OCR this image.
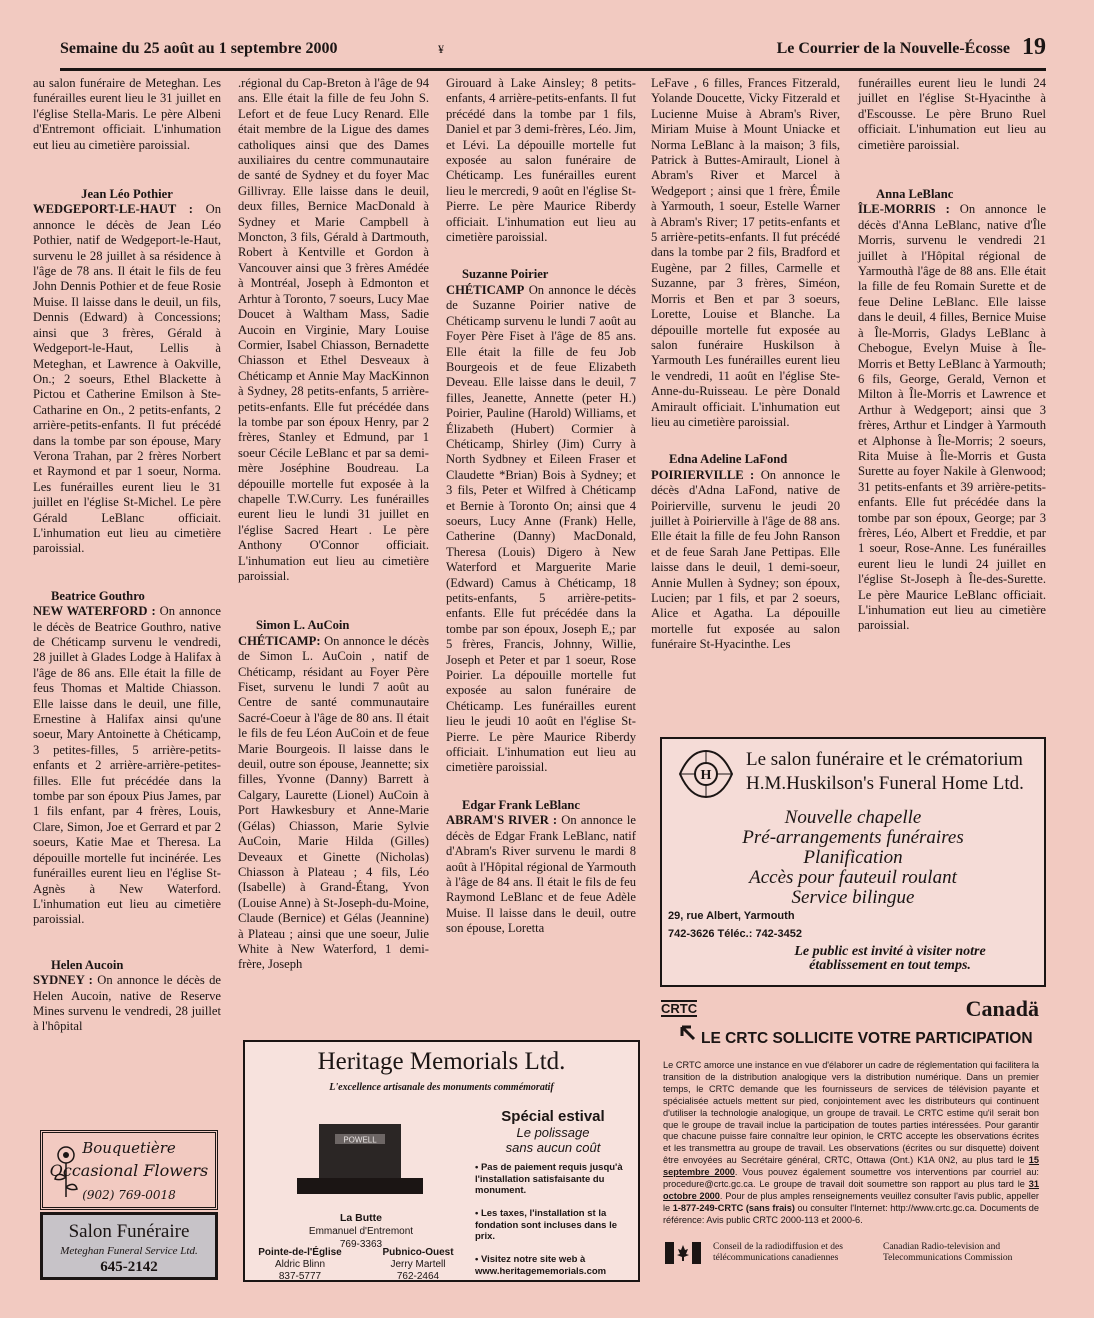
Semaine du 25 août au 1 septembre 2000	¥	Le Courrier de la Nouvelle-Écosse 19

au salon funéraire de Meteghan. Les funérailles eurent lieu le 31 juillet en l'église Stella-Maris. Le père Albeni d'Entremont officiait. L'inhumation eut lieu au cimetière paroissial.

Jean Léo Pothier

WEDGEPORT-LE-HAUT : On annonce le décès de Jean Léo Pothier, natif de Wedgeport-le-Haut, survenu le 28 juillet à sa résidence à l'âge de 78 ans. Il était le fils de feu John Dennis Pothier et de feue Rosie Muise. Il laisse dans le deuil, un fils, Dennis (Edward) à Concessions; ainsi que 3 frères, Gérald à Wedgeport-le-Haut, Lellis à Meteghan, et Lawrence à Oakville, On.; 2 soeurs, Ethel Blackette à Pictou et Catherine Emilson à Ste-Catharine en On., 2 petits-enfants, 2 arrière-petits-enfants. Il fut précédé dans la tombe par son épouse, Mary Verona Trahan, par 2 frères Norbert et Raymond et par 1 soeur, Norma. Les funérailles eurent lieu le 31 juillet en l'église St-Michel. Le père Gérald LeBlanc officiait. L'inhumation eut lieu au cimetière paroissial.

Beatrice Gouthro

NEW WATERFORD : On annonce le décès de Beatrice Gouthro, native de Chéticamp survenu le vendredi, 28 juillet à Glades Lodge à Halifax à l'âge de 86 ans. Elle était la fille de feus Thomas et Maltide Chiasson. Elle laisse dans le deuil, une fille, Ernestine à Halifax ainsi qu'une soeur, Mary Antoinette à Chéticamp, 3 petites-filles, 5 arrière-petits-enfants et 2 arrière-arrière-petites-filles. Elle fut précédée dans la tombe par son époux Pius James, par 1 fils enfant, par 4 frères, Louis, Clare, Simon, Joe et Gerrard et par 2 soeurs, Katie Mae et Theresa. La dépouille mortelle fut incinérée. Les funérailles eurent lieu en l'église St-Agnès à New Waterford. L'inhumation eut lieu au cimetière paroissial.

Helen Aucoin

SYDNEY : On annonce le décès de Helen Aucoin, native de Reserve Mines survenu le vendredi, 28 juillet à l'hôpital

.régional du Cap-Breton à l'âge de 94 ans. Elle était la fille de feu John S. Lefort et de feue Lucy Renard. Elle était membre de la Ligue des dames catholiques ainsi que des Dames auxiliaires du centre communautaire de santé de Sydney et du foyer Mac Gillivray. Elle laisse dans le deuil, deux filles, Bernice MacDonald à Sydney et Marie Campbell à Moncton, 3 fils, Gérald à Dartmouth, Robert à Kentville et Gordon à Vancouver ainsi que 3 frères Amédée à Montréal, Joseph à Edmonton et Arhtur à Toronto, 7 soeurs, Lucy Mae Doucet à Waltham Mass, Sadie Aucoin en Virginie, Mary Louise Cormier, Isabel Chiasson, Bernadette Chiasson et Ethel Desveaux à Chéticamp et Annie May MacKinnon à Sydney, 28 petits-enfants, 5 arrière-petits-enfants. Elle fut précédée dans la tombe par son époux Henry, par 2 frères, Stanley et Edmund, par 1 soeur Cécile LeBlanc et par sa demi-mère Joséphine Boudreau. La dépouille mortelle fut exposée à la chapelle T.W.Curry. Les funérailles eurent lieu le lundi 31 juillet en l'église Sacred Heart . Le père Anthony O'Connor officiait. L'inhumation eut lieu au cimetière paroissial.

Simon L. AuCoin

CHÉTICAMP: On annonce le décès de Simon L. AuCoin , natif de Chéticamp, résidant au Foyer Père Fiset, survenu le lundi 7 août au Centre de santé communautaire Sacré-Coeur à l'âge de 80 ans. Il était le fils de feu Léon AuCoin et de feue Marie Bourgeois. Il laisse dans le deuil, outre son épouse, Jeannette; six filles, Yvonne (Danny) Barrett à Calgary, Laurette (Lionel) AuCoin à Port Hawkesbury et Anne-Marie (Gélas) Chiasson, Marie Sylvie AuCoin, Marie Hilda (Gilles) Deveaux et Ginette (Nicholas) Chiasson à Plateau ; 4 fils, Léo (Isabelle) à Grand-Étang, Yvon (Louise Anne) à St-Joseph-du-Moine, Claude (Bernice) et Gélas (Jeannine) à Plateau ; ainsi que une soeur, Julie White à New Waterford, 1 demi-frère, Joseph

Girouard à Lake Ainsley; 8 petits-enfants, 4 arrière-petits-enfants. Il fut précédé dans la tombe par 1 fils, Daniel et par 3 demi-frères, Léo. Jim, et Lévi. La dépouille mortelle fut exposée au salon funéraire de Chéticamp. Les funérailles eurent lieu le mercredi, 9 août en l'église St-Pierre. Le père Maurice Riberdy officiait. L'inhumation eut lieu au cimetière paroissial.

Suzanne Poirier

CHÉTICAMP On annonce le décès de Suzanne Poirier native de Chéticamp survenu le lundi 7 août au Foyer Père Fiset à l'âge de 85 ans. Elle était la fille de feu Job Bourgeois et de feue Elizabeth Deveau. Elle laisse dans le deuil, 7 filles, Jeanette, Annette (peter H.) Poirier, Pauline (Harold) Williams, et Élizabeth (Hubert) Cormier à Chéticamp, Shirley (Jim) Curry à North Sydbney et Eileen Fraser et Claudette *Brian) Bois à Sydney; et 3 fils, Peter et Wilfred à Chéticamp et Bernie à Toronto On; ainsi que 4 soeurs, Lucy Anne (Frank) Helle, Catherine (Danny) MacDonald, Theresa (Louis) Digero à New Waterford et Marguerite Marie (Edward) Camus à Chéticamp, 18 petits-enfants, 5 arrière-petits-enfants. Elle fut précédée dans la tombe par son époux, Joseph E,; par 5 frères, Francis, Johnny, Willie, Joseph et Peter et par 1 soeur, Rose Poirier. La dépouille mortelle fut exposée au salon funéraire de Chéticamp. Les funérailles eurent lieu le jeudi 10 août en l'église St-Pierre. Le père Maurice Riberdy officiait. L'inhumation eut lieu au cimetière paroissial.

Edgar Frank LeBlanc

ABRAM'S RIVER : On annonce le décès de Edgar Frank LeBlanc, natif d'Abram's River survenu le mardi 8 août à l'Hôpital régional de Yarmouth à l'âge de 84 ans. Il était le fils de feu Raymond LeBlanc et de feue Adèle Muise. Il laisse dans le deuil, outre son épouse, Loretta

LeFave , 6 filles, Frances Fitzerald, Yolande Doucette, Vicky Fitzerald et Lucienne Muise à Abram's River, Miriam Muise à Mount Uniacke et Norma LeBlanc à la maison; 3 fils, Patrick à Buttes-Amirault, Lionel à Abram's River et Marcel à Wedgeport ; ainsi que 1 frère, Émile à Yarmouth, 1 soeur, Estelle Warner à Abram's River; 17 petits-enfants et 5 arrière-petits-enfants. Il fut précédé dans la tombe par 2 fils, Bradford et Eugène, par 2 filles, Carmelle et Suzanne, par 3 frères, Siméon, Morris et Ben et par 3 soeurs, Lorette, Louise et Blanche. La dépouille mortelle fut exposée au salon funéraire Huskilson à Yarmouth Les funérailles eurent lieu le vendredi, 11 août en l'église Ste-Anne-du-Ruisseau. Le père Donald Amirault officiait. L'inhumation eut lieu au cimetière paroissial.

Edna Adeline LaFond

POIRIERVILLE : On annonce le décès d'Adna LaFond, native de Poirierville, survenu le jeudi 20 juillet à Poirierville à l'âge de 88 ans. Elle était la fille de feu John Ranson et de feue Sarah Jane Pettipas. Elle laisse dans le deuil, 1 demi-soeur, Annie Mullen à Sydney; son époux, Lucien; par 1 fils, et par 2 soeurs, Alice et Agatha. La dépouille mortelle fut exposée au salon funéraire St-Hyacinthe. Les

funérailles eurent lieu le lundi 24 juillet en l'église St-Hyacinthe à d'Escousse. Le père Bruno Ruel officiait. L'inhumation eut lieu au cimetière paroissial.

Anna LeBlanc

ÎLE-MORRIS : On annonce le décès d'Anna LeBlanc, native d'Île Morris, survenu le vendredi 21 juillet à l'Hôpital régional de Yarmouthà l'âge de 88 ans. Elle était la fille de feu Romain Surette et de feue Deline LeBlanc. Elle laisse dans le deuil, 4 filles, Bernice Muise à Île-Morris, Gladys LeBlanc à Chebogue, Evelyn Muise à Île-Morris et Betty LeBlanc à Yarmouth; 6 fils, George, Gerald, Vernon et Milton à Île-Morris et Lawrence et Arthur à Wedgeport; ainsi que 3 frères, Arthur et Lindger à Yarmouth et Alphonse à Île-Morris; 2 soeurs, Rita Muise à Île-Morris et Gusta Surette au foyer Nakile à Glenwood; 31 petits-enfants et 39 arrière-petits-enfants. Elle fut précédée dans la tombe par son époux, George; par 3 frères, Léo, Albert et Freddie, et par 1 soeur, Rose-Anne. Les funérailles eurent lieu le lundi 24 juillet en l'église St-Joseph à Île-des-Surette. Le père Maurice LeBlanc officiait. L'inhumation eut lieu au cimetière paroissial.

Bouquetière
Occasional Flowers
(902) 769-0018
Salon Funéraire
Meteghan Funeral Service Ltd.
645-2142
Heritage Memorials Ltd.
L'excellence artisanale des monuments commémoratif
POWELL
La Butte
Emmanuel d'Entremont
769-3363
Pointe-de-l'Église
Aldric Blinn
837-5777
Pubnico-Ouest
Jerry Martell
762-2464
Spécial estival
Le polissage
sans aucun coût
• Pas de paiement requis jusqu'à l'installation satisfaisante du monument.
• Les taxes, l'installation st la fondation sont incluses dans le prix.
• Visitez notre site web à www.heritagememorials.com
H
Le salon funéraire et le crématorium
H.M.Huskilson's Funeral Home Ltd.
Nouvelle chapelle
Pré-arrangements funéraires
Planification
Accès pour fauteuil roulant
Service bilingue
29, rue Albert, Yarmouth
742-3626 Téléc.: 742-3452
Le public est invité à visiter notre
établissement en tout temps.
CRTC	Canadä
LE CRTC SOLLICITE VOTRE PARTICIPATION
Le CRTC amorce une instance en vue d'élaborer un cadre de réglementation qui facilitera la transition de la distribution analogique vers la distribution numérique. Dans un premier temps, le CRTC demande que les fournisseurs de services de télévision payante et spécialisée actuels mettent sur pied, conjointement avec les distributeurs qui continuent d'utiliser la technologie analogique, un groupe de travail. Le CRTC estime qu'il serait bon que le groupe de travail inclue la participation de toutes parties intéressées. Pour garantir que chacune puisse faire connaître leur opinion, le CRTC accepte les observations écrites et les transmettra au groupe de travail. Les observations (écrites ou sur disquette) doivent être envoyées au Secrétaire général, CRTC, Ottawa (Ont.) K1A 0N2, au plus tard le 15 septembre 2000. Vous pouvez également soumettre vos interventions par courriel au: procedure@crtc.gc.ca. Le groupe de travail doit soumettre son rapport au plus tard le 31 octobre 2000. Pour de plus amples renseignements veuillez consulter l'avis public, appeller le 1-877-249-CRTC (sans frais) ou consulter l'Internet: http://www.crtc.gc.ca. Documents de référence: Avis public CRTC 2000-113 et 2000-6.
Conseil de la radiodiffusion et des
télécommunications canadiennes
Canadian Radio-television and
Telecommunications Commission
